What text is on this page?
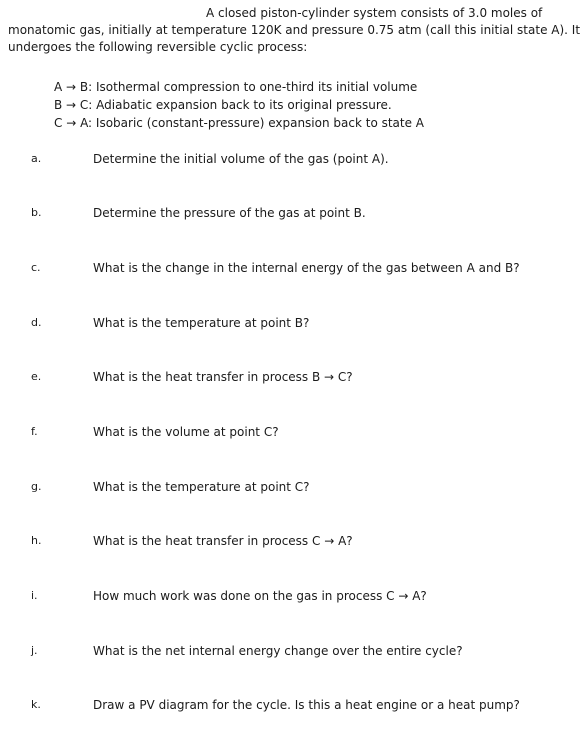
A closed piston-cylinder system consists of 3.0 moles of
monatomic gas, initially at temperature 120K and pressure 0.75 atm (call this initial state A). It
undergoes the following reversible cyclic process:
A → B: Isothermal compression to one-third its initial volume
B → C: Adiabatic expansion back to its original pressure.
C → A: Isobaric (constant-pressure) expansion back to state A
a.	Determine the initial volume of the gas (point A).
b.	Determine the pressure of the gas at point B.
c.	What is the change in the internal energy of the gas between A and B?
d.	What is the temperature at point B?
e.	What is the heat transfer in process B → C?
f.	What is the volume at point C?
g.	What is the temperature at point C?
h.	What is the heat transfer in process C → A?
i.	How much work was done on the gas in process C → A?
j.	What is the net internal energy change over the entire cycle?
k.	Draw a PV diagram for the cycle. Is this a heat engine or a heat pump?
